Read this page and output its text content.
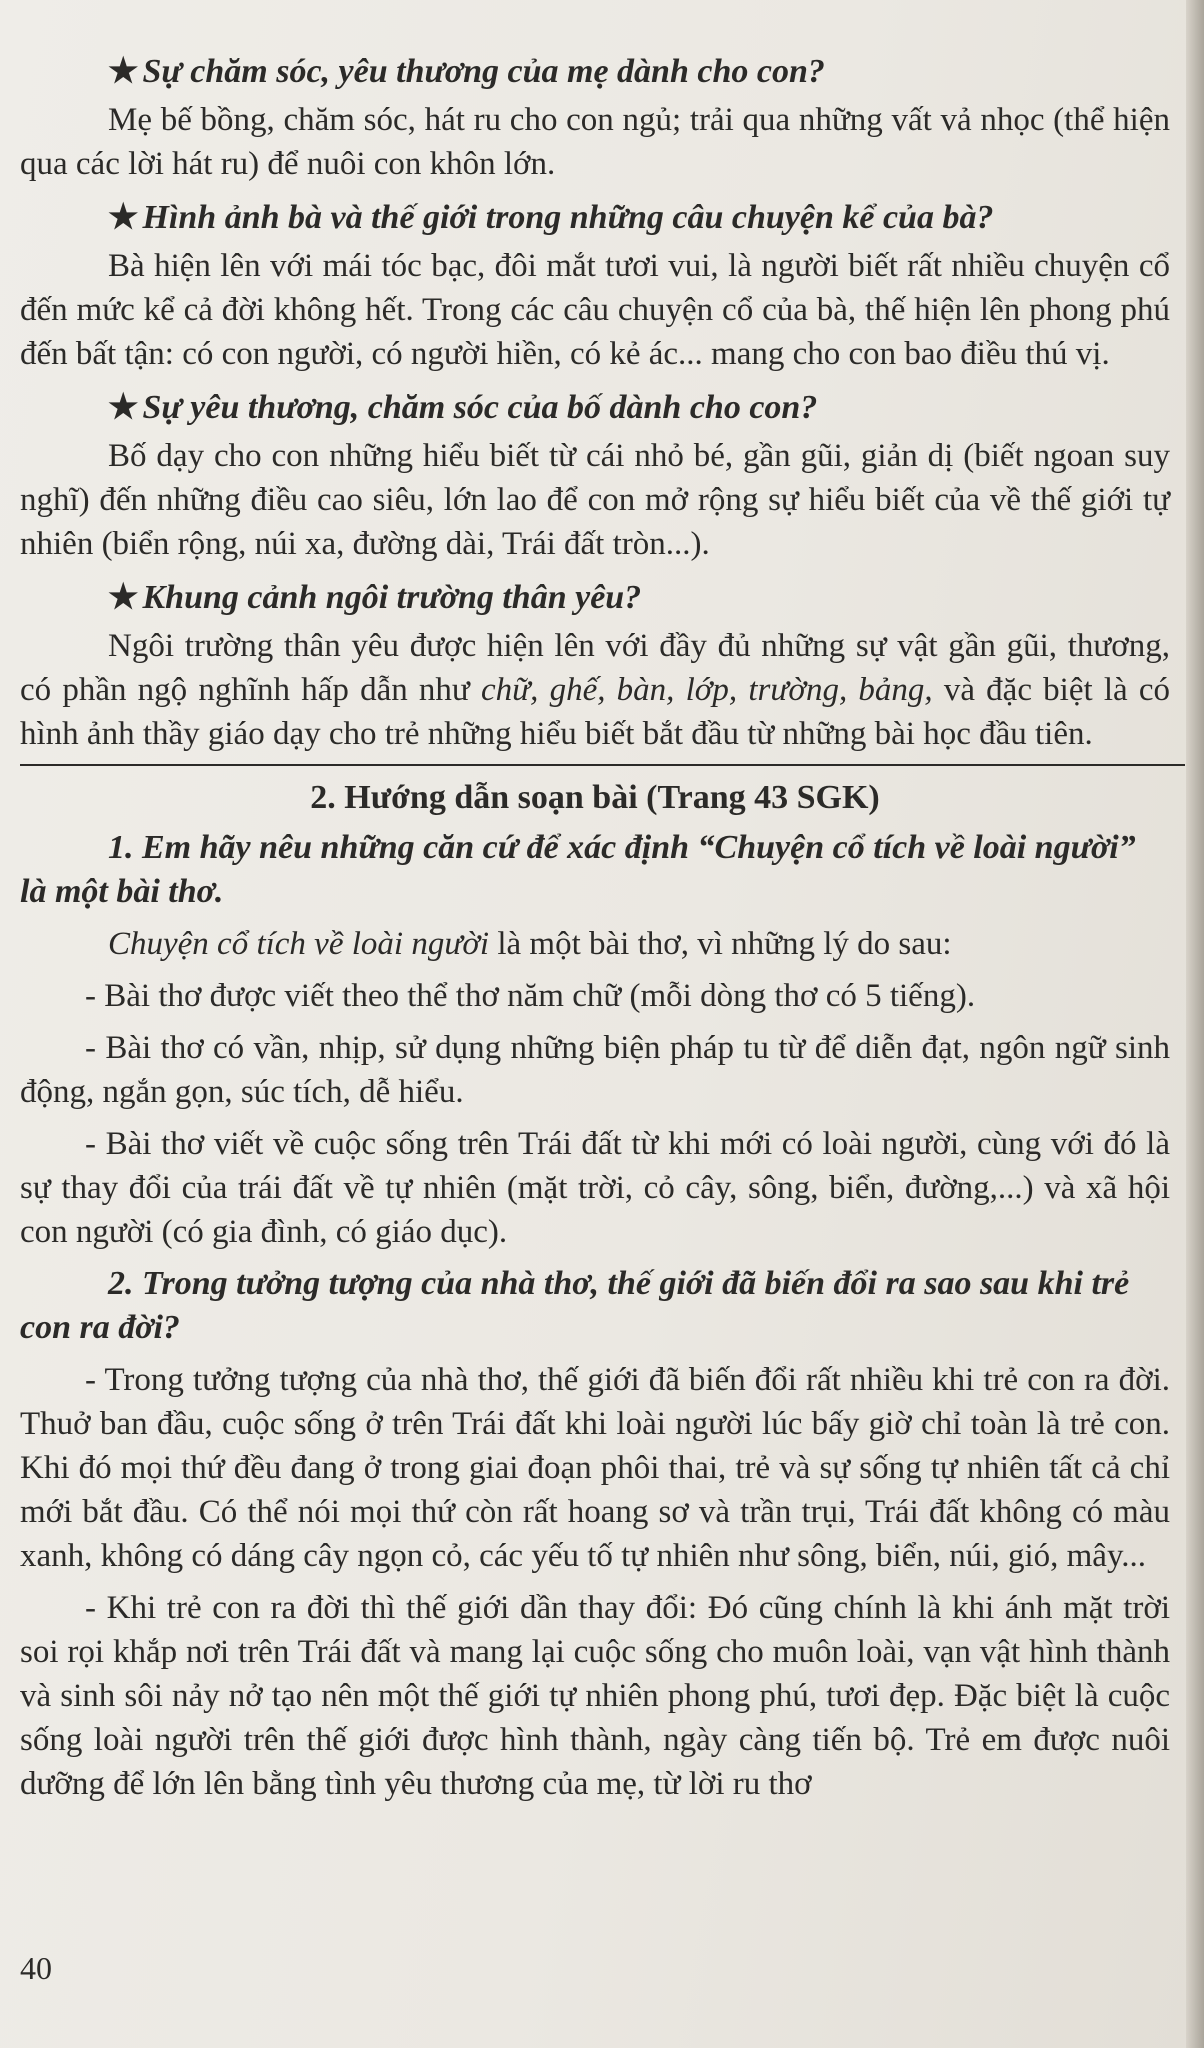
★ Sự chăm sóc, yêu thương của mẹ dành cho con?

Mẹ bế bồng, chăm sóc, hát ru cho con ngủ; trải qua những vất vả nhọc (thể hiện qua các lời hát ru) để nuôi con khôn lớn.

★ Hình ảnh bà và thế giới trong những câu chuyện kể của bà?

Bà hiện lên với mái tóc bạc, đôi mắt tươi vui, là người biết rất nhiều chuyện cổ đến mức kể cả đời không hết. Trong các câu chuyện cổ của bà, thế hiện lên phong phú đến bất tận: có con người, có người hiền, có kẻ ác... mang cho con bao điều thú vị.

★ Sự yêu thương, chăm sóc của bố dành cho con?

Bố dạy cho con những hiểu biết từ cái nhỏ bé, gần gũi, giản dị (biết ngoan suy nghĩ) đến những điều cao siêu, lớn lao để con mở rộng sự hiểu biết của về thế giới tự nhiên (biển rộng, núi xa, đường dài, Trái đất tròn...).

★ Khung cảnh ngôi trường thân yêu?

Ngôi trường thân yêu được hiện lên với đầy đủ những sự vật gần gũi, thương, có phần ngộ nghĩnh hấp dẫn như chữ, ghế, bàn, lớp, trường, bảng, và đặc biệt là có hình ảnh thầy giáo dạy cho trẻ những hiểu biết bắt đầu từ những bài học đầu tiên.

2. Hướng dẫn soạn bài (Trang 43 SGK)
1. Em hãy nêu những căn cứ để xác định “Chuyện cổ tích về loài người” là một bài thơ.

Chuyện cổ tích về loài người là một bài thơ, vì những lý do sau:

- Bài thơ được viết theo thể thơ năm chữ (mỗi dòng thơ có 5 tiếng).

- Bài thơ có vần, nhịp, sử dụng những biện pháp tu từ để diễn đạt, ngôn ngữ sinh động, ngắn gọn, súc tích, dễ hiểu.

- Bài thơ viết về cuộc sống trên Trái đất từ khi mới có loài người, cùng với đó là sự thay đổi của trái đất về tự nhiên (mặt trời, cỏ cây, sông, biển, đường,...) và xã hội con người (có gia đình, có giáo dục).

2. Trong tưởng tượng của nhà thơ, thế giới đã biến đổi ra sao sau khi trẻ con ra đời?

- Trong tưởng tượng của nhà thơ, thế giới đã biến đổi rất nhiều khi trẻ con ra đời. Thuở ban đầu, cuộc sống ở trên Trái đất khi loài người lúc bấy giờ chỉ toàn là trẻ con. Khi đó mọi thứ đều đang ở trong giai đoạn phôi thai, trẻ và sự sống tự nhiên tất cả chỉ mới bắt đầu. Có thể nói mọi thứ còn rất hoang sơ và trần trụi, Trái đất không có màu xanh, không có dáng cây ngọn cỏ, các yếu tố tự nhiên như sông, biển, núi, gió, mây...

- Khi trẻ con ra đời thì thế giới dần thay đổi: Đó cũng chính là khi ánh mặt trời soi rọi khắp nơi trên Trái đất và mang lại cuộc sống cho muôn loài, vạn vật hình thành và sinh sôi nảy nở tạo nên một thế giới tự nhiên phong phú, tươi đẹp. Đặc biệt là cuộc sống loài người trên thế giới được hình thành, ngày càng tiến bộ. Trẻ em được nuôi dưỡng để lớn lên bằng tình yêu thương của mẹ, từ lời ru thơ

40
